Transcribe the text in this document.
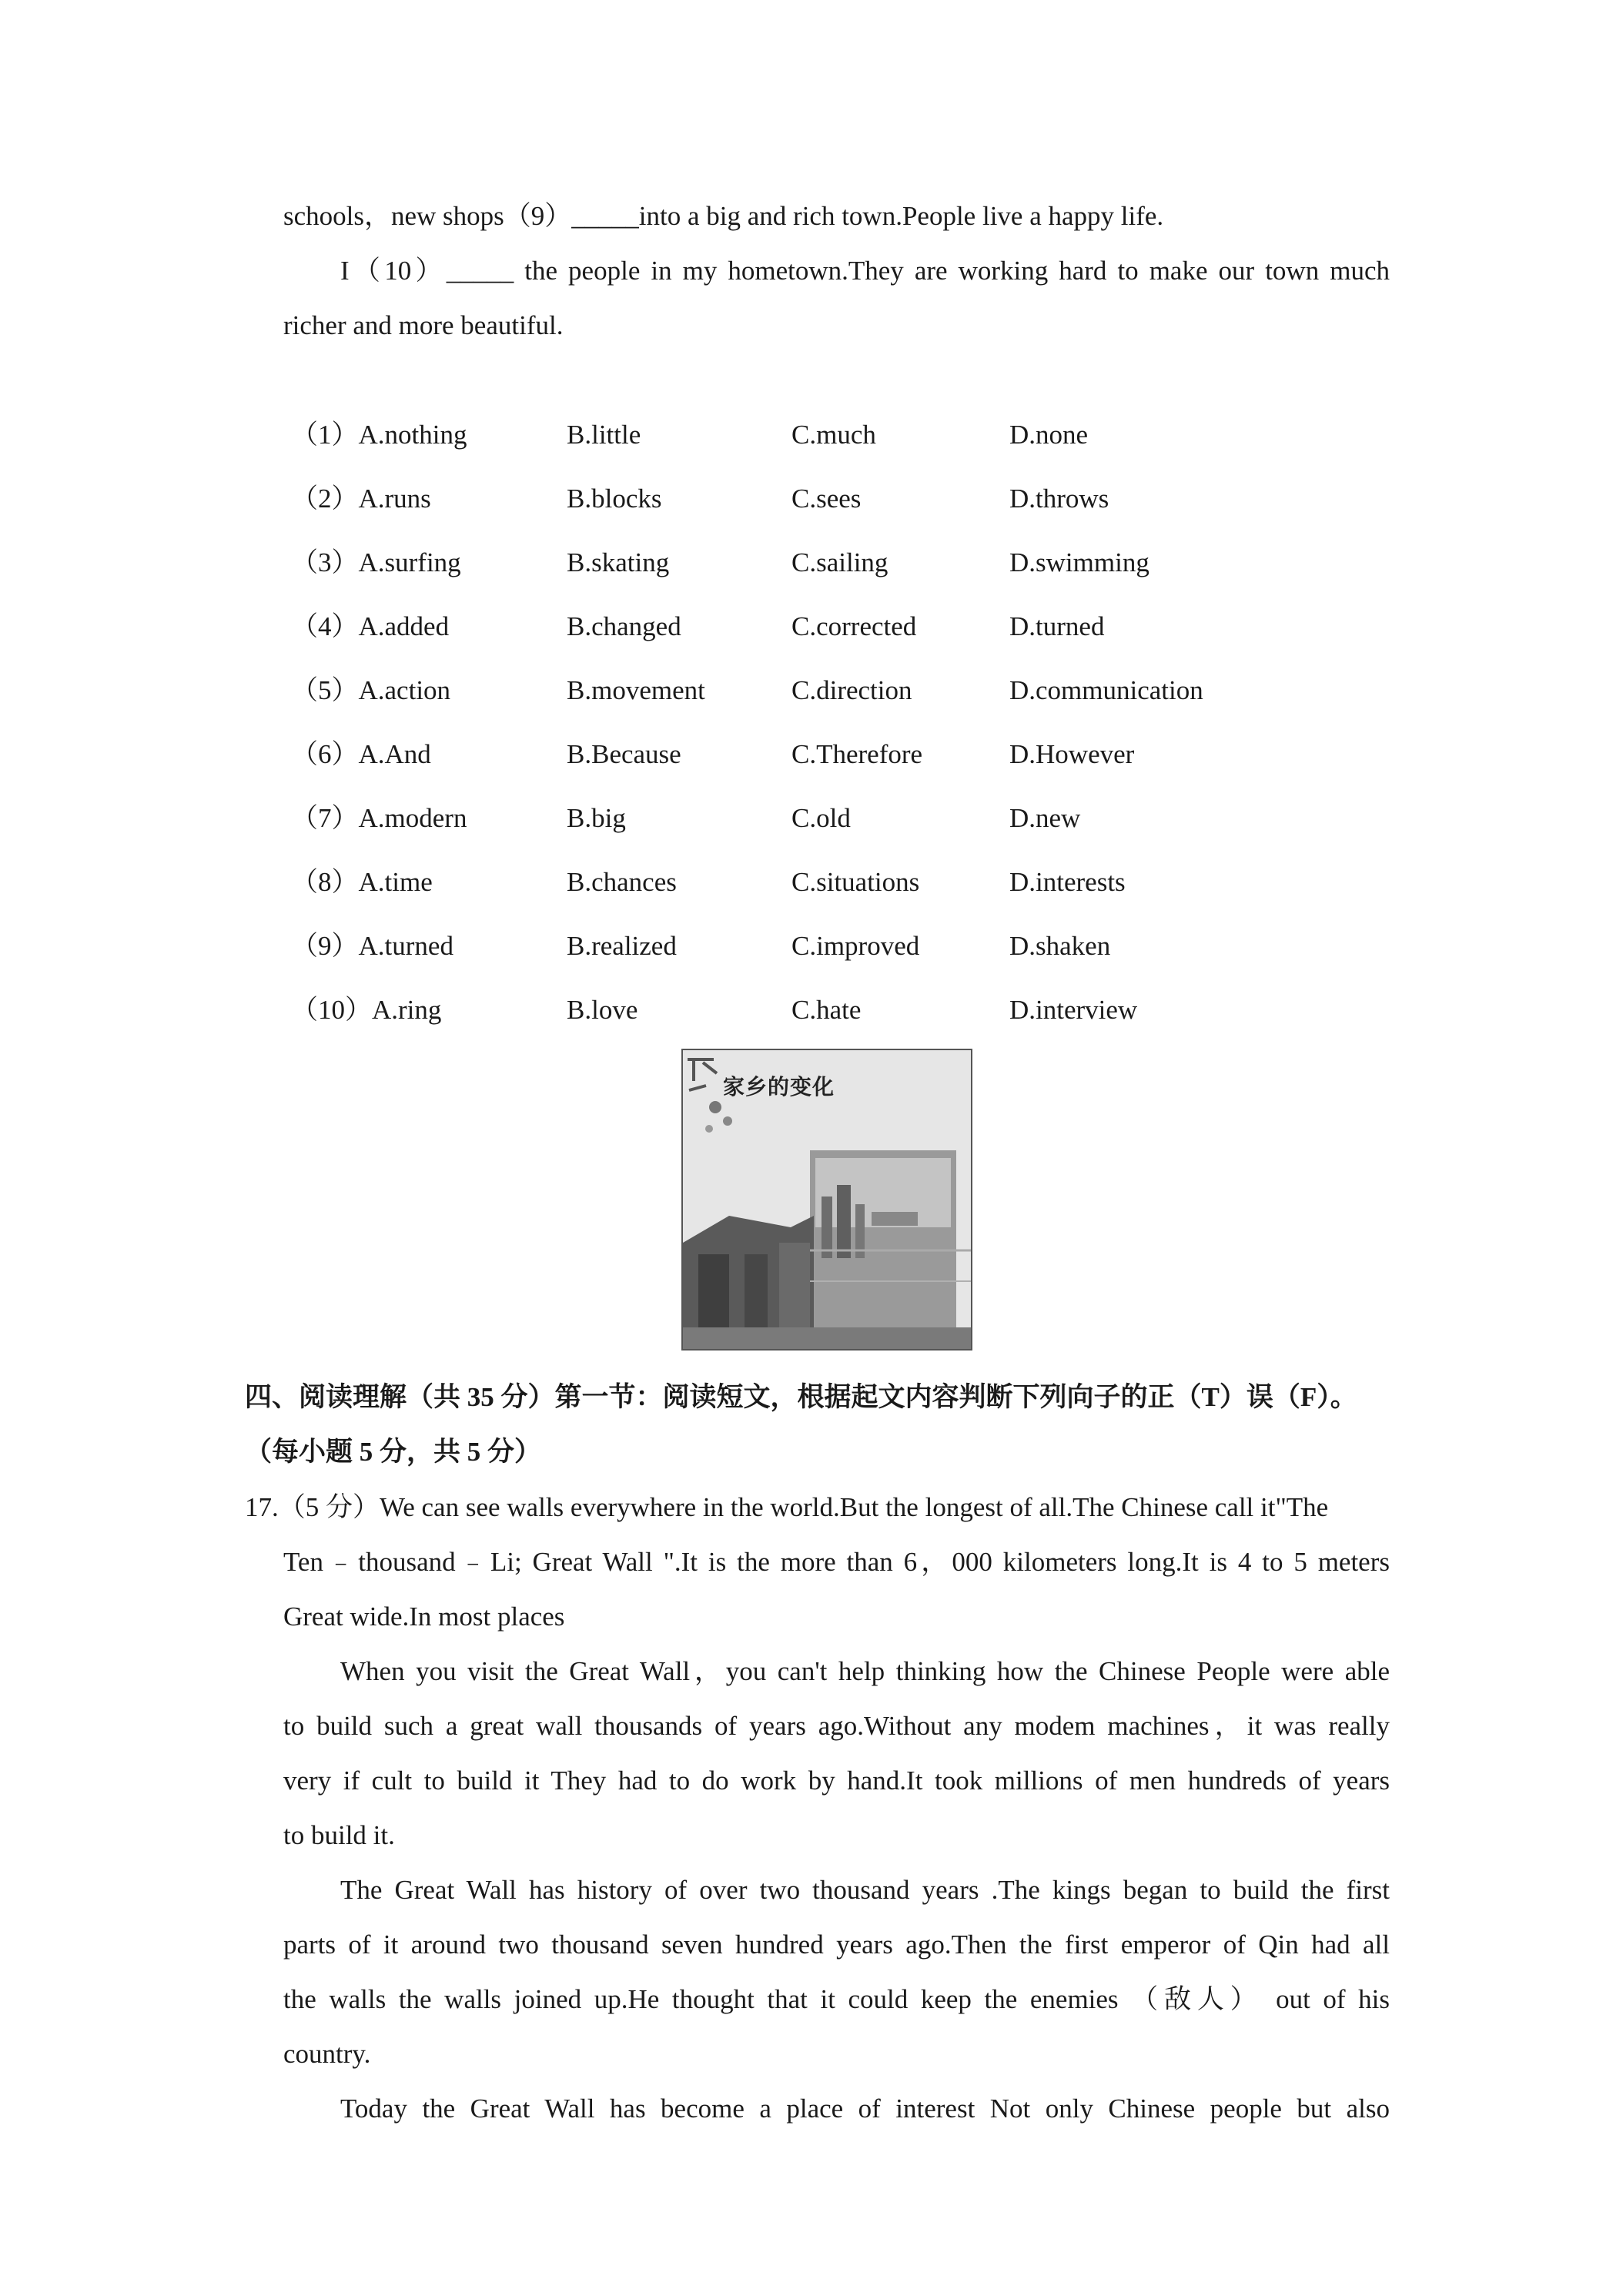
schools，new shops（9）_____into a big and rich town.People live a happy life.
I（10）_____ the people in my hometown.They are working hard to make our town much
richer and more beautiful.
（1）A.nothing	B.little	C.much	D.none
（2）A.runs	B.blocks	C.sees	D.throws
（3）A.surfing	B.skating	C.sailing	D.swimming
（4）A.added	B.changed	C.corrected	D.turned
（5）A.action	B.movement	C.direction	D.communication
（6）A.And	B.Because	C.Therefore	D.However
（7）A.modern	B.big	C.old	D.new
（8）A.time	B.chances	C.situations	D.interests
（9）A.turned	B.realized	C.improved	D.shaken
（10）A.ring	B.love	C.hate	D.interview
家乡的变化
四、阅读理解（共 35 分）第一节：阅读短文，根据起文内容判断下列向子的正（T）误（F）。
（每小题 5 分，共 5 分）
17.（5 分）We can see walls everywhere in the world.But the longest of all.The Chinese call it"The
Ten﹣thousand﹣Li; Great Wall ".It is the more than 6，000 kilometers long.It is 4 to 5 meters
Great wide.In most places
When you visit the Great Wall，you can't help thinking how the Chinese People were able
to build such a great wall thousands of years ago.Without any modem machines，it was really
very if cult to build it They had to do work by hand.It took millions of men hundreds of years
to build it.
The Great Wall has history of over two thousand years .The kings began to build the first
parts of it around two thousand seven hundred years ago.Then the first emperor of Qin had all
the walls the walls joined up.He thought that it could keep the enemies （敌人） out of his
country.
Today the Great Wall has become a place of interest Not only Chinese people but also
